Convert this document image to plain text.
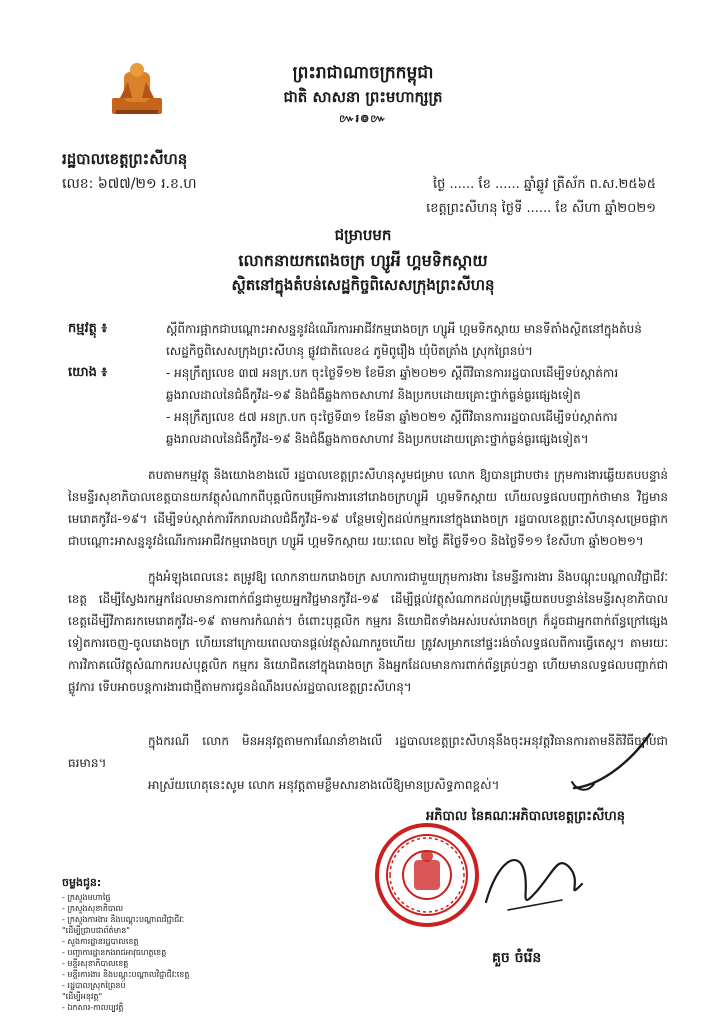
ព្រះរាជាណាចក្រកម្ពុជា
ជាតិ សាសនា ព្រះមហាក្សត្រ
៚៛៙៚
រដ្ឋបាលខេត្តព្រះសីហនុ
លេខ: ៦៧៧/២១ រ.ខ.ហ	ថ្ងៃ ...... ខែ ...... ឆ្នាំឆ្លូវ ត្រីស័ក ព.ស.២៥៦៥
ខេត្តព្រះសីហនុ ថ្ងៃទី ...... ខែ សីហា ឆ្នាំ២០២១
ជម្រាបមក
លោកនាយកពេងចក្រ ហ្សូអី ហ្គមទិកស្កាយ
ស្ថិតនៅក្នុងតំបន់សេដ្ឋកិច្ចពិសេសក្រុងព្រះសីហនុ
កម្មវត្ថុ ៖	ស្តីពីការផ្អាកជាបណ្តោះអាសន្ននូវដំណើរការអាជីវកម្មរោងចក្រ ហ្សូអី ហ្គមទិកស្កាយ មានទីតាំងស្ថិតនៅក្នុងតំបន់សេដ្ឋកិច្ចពិសេសក្រុងព្រះសីហនុ ផ្លូវជាតិលេខ៤ ភូមិពូរឿង ឃុំបិតត្រាំង ស្រុកព្រៃនប់។
យោង ៖	- អនុក្រឹត្យលេខ ៣៧ អនក្រ.បក ចុះថ្ងៃទី១២ ខែមីនា ឆ្នាំ២០២១ ស្តីពីវិធានការរដ្ឋបាលដើម្បីទប់ស្កាត់ការឆ្លងរាលដាលនៃជំងឺកូវីដ-១៩ និងជំងឺឆ្លងកាចសាហាវ និងប្រកបដោយគ្រោះថ្នាក់ធ្ងន់ធ្ងរផ្សេងទៀត
- អនុក្រឹត្យលេខ ៥៧ អនក្រ.បក ចុះថ្ងៃទី៣១ ខែមីនា ឆ្នាំ២០២១ ស្តីពីវិធានការរដ្ឋបាលដើម្បីទប់ស្កាត់ការឆ្លងរាលដាលនៃជំងឺកូវីដ-១៩ និងជំងឺឆ្លងកាចសាហាវ និងប្រកបដោយគ្រោះថ្នាក់ធ្ងន់ធ្ងរផ្សេងទៀត។

តបតាមកម្មវត្ថុ និងយោងខាងលើ រដ្ឋបាលខេត្តព្រះសីហនុសូមជម្រាប លោក ឱ្យបានជ្រាបថា៖ ក្រុមការងារឆ្លើយតបបន្ទាន់នៃមន្ទីរសុខាភិបាលខេត្តបានយកវត្ថុសំណាកពីបុគ្គលិកបម្រើការងារនៅរោងចក្រហ្សូអី ហ្គមទិកស្កាយ ហើយលទ្ធផលបញ្ជាក់ថាមាន វិជ្ជមានមេរោគកូវីដ-១៩។ ដើម្បីទប់ស្កាត់ការរីករាលដាលជំងឺកូវីដ-១៩ បន្ថែមទៀតដល់កម្មករនៅក្នុងរោងចក្រ រដ្ឋបាលខេត្តព្រះសីហនុសម្រេចផ្អាកជាបណ្តោះអាសន្ននូវដំណើរការអាជីវកម្មរោងចក្រ ហ្សូអី ហ្គមទិកស្កាយ រយៈពេល ២ថ្ងៃ គឺថ្ងៃទី១០ និងថ្ងៃទី១១ ខែសីហា ឆ្នាំ២០២១។

ក្នុងអំឡុងពេលនេះ តម្រូវឱ្យ លោកនាយករោងចក្រ សហការជាមួយក្រុមការងារ នៃមន្ទីរការងារ និងបណ្តុះបណ្តាលវិជ្ជាជីវៈខេត្ត ដើម្បីស្វែងរកអ្នកដែលមានការពាក់ព័ន្ធជាមួយអ្នកវិជ្ជមានកូវីដ-១៩ ដើម្បីផ្តល់វត្ថុសំណាកដល់ក្រុមឆ្លើយតបបន្ទាន់នៃមន្ទីរសុខាភិបាលខេត្តដើម្បីវិភាគរកមេរោគកូវីដ-១៩ តាមការកំណត់។ ចំពោះបុគ្គលិក កម្មករ និយោជិតទាំងអស់របស់រោងចក្រ ក៏ដូចជាអ្នកពាក់ព័ន្ធក្រៅផ្សេងទៀតការចេញ-ចូលរោងចក្រ ហើយនៅក្រោយពេលបានផ្តល់វត្ថុសំណាករួចហើយ ត្រូវសម្រាកនៅផ្ទះរង់ចាំលទ្ធផលពីការធ្វើតេស្ត។ តាមរយៈការវិភាគលើវត្ថុសំណាករបស់បុគ្គលិក កម្មករ និយោជិតនៅក្នុងរោងចក្រ និងអ្នកដែលមានការពាក់ព័ន្ធគ្រប់ៗគ្នា ហើយមានលទ្ធផលបញ្ជាក់ជាផ្លូវការ ទើបអាចបន្តការងារជាថ្មីតាមការជូនដំណឹងរបស់រដ្ឋបាលខេត្តព្រះសីហនុ។

ក្នុងករណី លោក មិនអនុវត្តតាមការណែនាំខាងលើ រដ្ឋបាលខេត្តព្រះសីហនុនឹងចុះអនុវត្តវិធានការតាមនីតិវិធីច្បាប់ជាធរមាន។

អាស្រ័យហេតុនេះសូម លោក អនុវត្តតាមខ្លឹមសារខាងលើឱ្យមានប្រសិទ្ធភាពខ្ពស់។

អភិបាល នៃគណៈអភិបាលខេត្តព្រះសីហនុ
គួច ចំរើន
ចម្លងជូន:
- ក្រសួងមហាផ្ទៃ
- ក្រសួងសុខាភិបាល
- ក្រសួងការងារ និងបណ្តុះបណ្តាលវិជ្ជាជីវៈ
"ដើម្បីជ្រាបជាព័ត៌មាន"
- សួងការដ្ឋានរដ្ឋបាលខេត្ត
- បញ្ជាការដ្ឋានកងរាជអាវុធហត្ថខេត្ត
- មន្ទីរសុខាភិបាលខេត្ត
- មន្ទីរការងារ និងបណ្តុះបណ្តាលវិជ្ជាជីវៈខេត្ត
- រដ្ឋបាលស្រុកព្រៃនប់
"ដើម្បីអនុវត្ត"
- ឯកសារ-កាលប្បវត្តិ
